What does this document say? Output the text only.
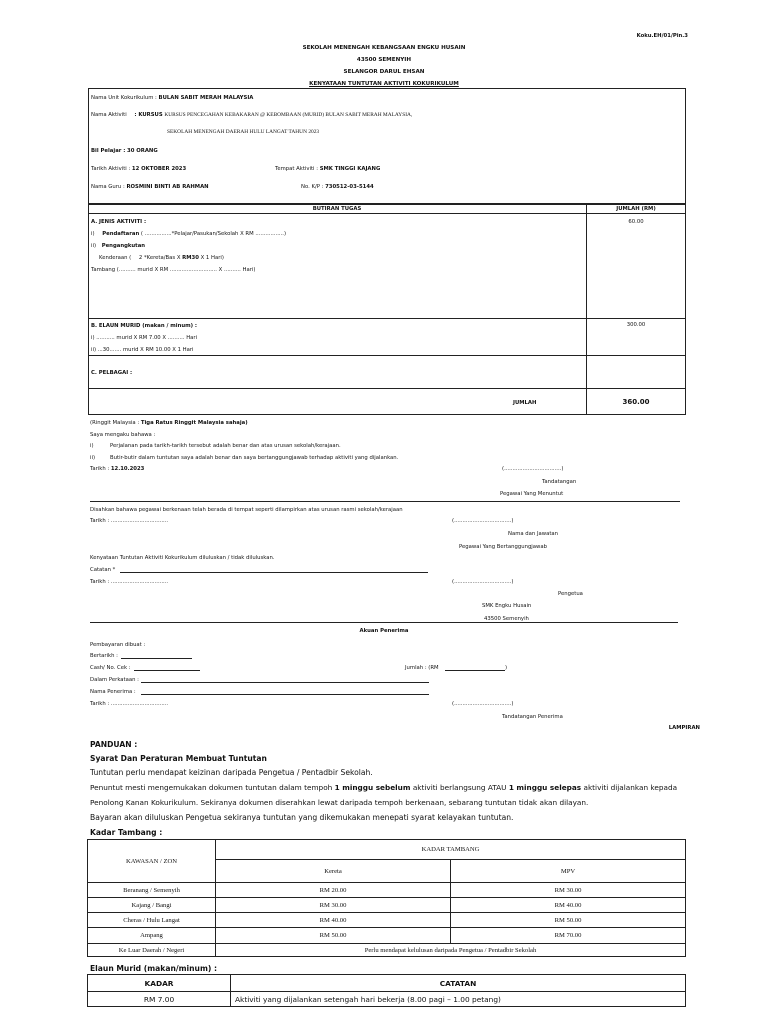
Koku.EH/01/Pin.3
SEKOLAH MENENGAH KEBANGSAAN ENGKU HUSAIN
43500 SEMENYIH
SELANGOR DARUL EHSAN
KENYATAAN TUNTUTAN AKTIVITI KOKURIKULUM
Nama Unit Kokurikulum : BULAN SABIT MERAH MALAYSIA
Nama Aktiviti : KURSUS KURSUS PENCEGAHAN KEBAKARAN @ KEBOMBAAN (MURID) BULAN SABIT MERAH MALAYSIA,
SEKOLAH MENENGAH DAERAH HULU LANGAT TAHUN 2023
Bil Pelajar : 30 ORANG
Tarikh Aktiviti : 12 OKTOBER 2023	Tempat Aktiviti : SMK TINGGI KAJANG
Nama Guru : ROSMINI BINTI AB RAHMAN	No. K/P : 730512-03-5144
BUTIRAN TUGAS	JUMLAH (RM)
A. JENIS AKTIVITI :
i) Pendaftaran ( ................*Pelajar/Pasukan/Sekolah X RM .................)
ii) Pengangkutan
Kenderaan ( 2 *Kereta/Bas X RM30 X 1 Hari)
Tambang (.......... murid X RM ............................ X .......... Hari)
60.00
B. ELAUN MURID (makan / minum) :
i) ........... murid X RM 7.00 X .......... Hari
ii) ...30....... murid X RM 10.00 X 1 Hari
300.00
C. PELBAGAI :
JUMLAH	360.00
(Ringgit Malaysia : Tiga Ratus Ringgit Malaysia sahaja)
Saya mengaku bahawa :
i)	Perjalanan pada tarikh-tarikh tersebut adalah benar dan atas urusan sekolah/kerajaan.
ii)	Butir-butir dalam tuntutan saya adalah benar dan saya bertanggungjawab terhadap aktiviti yang dijalankan.
Tarikh : 12.10.2023	(..................................)
Tandatangan
Pegawai Yang Menuntut
Disahkan bahawa pegawai berkenaan telah berada di tempat seperti dilampirkan atas urusan rasmi sekolah/kerajaan
Tarikh : ..................................	(..................................)
Nama dan Jawatan
Pegawai Yang Bertanggungjawab
Kenyataan Tuntutan Aktiviti Kokurikulum diluluskan / tidak diluluskan.
Catatan *
Tarikh : ..................................	(..................................)
Pengetua
SMK Engku Husain
43500 Semenyih
Akuan Penerima
Pembayaran dibuat :
Bertarikh :
Cash/ No. Cek :	Jumlah : (RM	)
Dalam Perkataan :
Nama Penerima :
Tarikh : ..................................	(..................................)
Tandatangan Penerima
LAMPIRAN
PANDUAN :
Syarat Dan Peraturan Membuat Tuntutan
Tuntutan perlu mendapat keizinan daripada Pengetua / Pentadbir Sekolah.
Penuntut mesti mengemukakan dokumen tuntutan dalam tempoh 1 minggu sebelum aktiviti berlangsung ATAU 1 minggu selepas aktiviti dijalankan kepada
Penolong Kanan Kokurikulum. Sekiranya dokumen diserahkan lewat daripada tempoh berkenaan, sebarang tuntutan tidak akan dilayan.
Bayaran akan diluluskan Pengetua sekiranya tuntutan yang dikemukakan menepati syarat kelayakan tuntutan.
Kadar Tambang :
KAWASAN / ZON	KADAR TAMBANG	
	Kereta	MPV
Beranang / Semenyih	RM 20.00	RM 30.00
Kajang / Bangi	RM 30.00	RM 40.00
Cheras / Hulu Langat	RM 40.00	RM 50.00
Ampang	RM 50.00	RM 70.00
Ke Luar Daerah / Negeri	Perlu mendapat kelulusan daripada Pengetua / Pentadbir Sekolah	
Elaun Murid (makan/minum) :
KADAR	CATATAN
RM 7.00	Aktiviti yang dijalankan setengah hari bekerja (8.00 pagi – 1.00 petang)
